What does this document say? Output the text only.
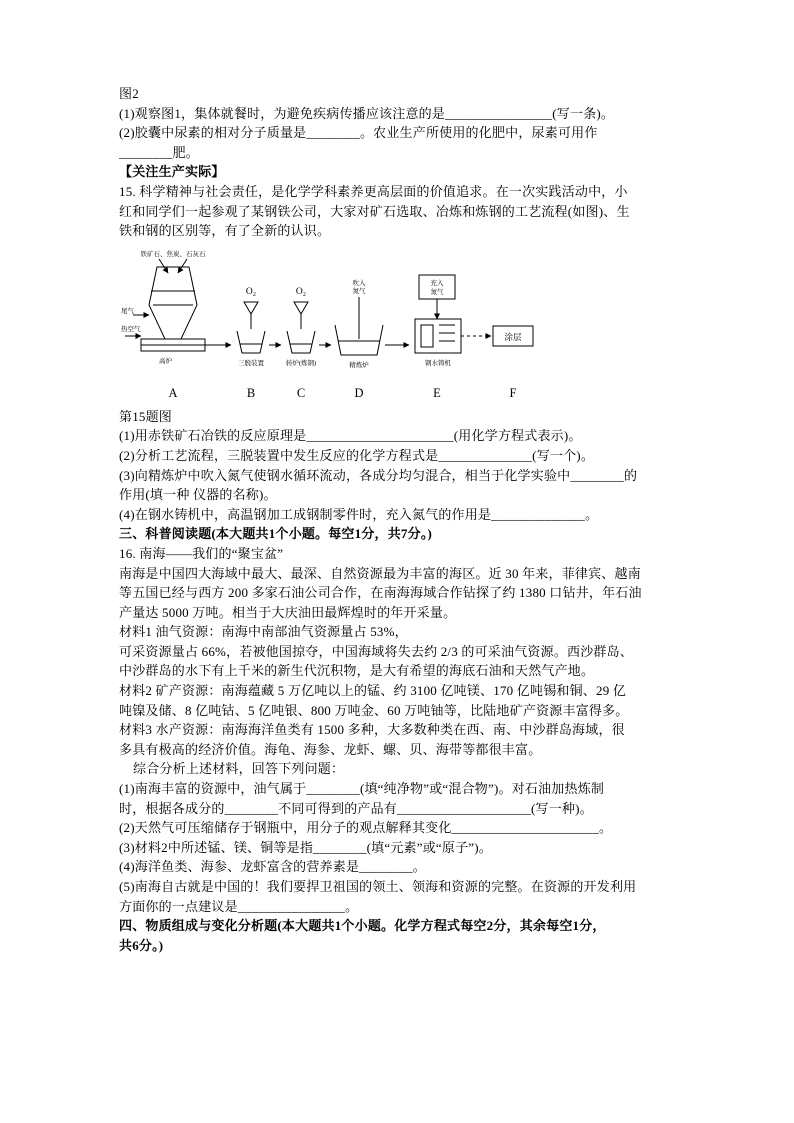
图2
(1)观察图1，集体就餐时，为避免疾病传播应该注意的是________________(写一条)。
(2)胶囊中尿素的相对分子质量是________。农业生产所使用的化肥中，尿素可用作
________肥。
【关注生产实际】
15. 科学精神与社会责任，是化学学科素养更高层面的价值追求。在一次实践活动中，小
红和同学们一起参观了某钢铁公司，大家对矿石选取、冶炼和炼钢的工艺流程(如图)、生
铁和钢的区别等，有了全新的认识。
铁矿石、焦炭、石灰石
尾气
热空气
高炉
O₂
三脱装置
O₂
转炉(炼钢)
吹入
氮气
精炼炉
充入
氮气
钢水铸机
涂层
A	B	C	D	E	F
第15题图
(1)用赤铁矿石冶铁的反应原理是______________________(用化学方程式表示)。
(2)分析工艺流程，三脱装置中发生反应的化学方程式是______________(写一个)。
(3)向精炼炉中吹入氮气使钢水循环流动，各成分均匀混合，相当于化学实验中________的
作用(填一种 仪器的名称)。
(4)在钢水铸机中，高温钢加工成钢制零件时，充入氮气的作用是______________。
三、科普阅读题(本大题共1个小题。每空1分，共7分。)
16. 南海——我们的“聚宝盆”
南海是中国四大海域中最大、最深、自然资源最为丰富的海区。近 30 年来，菲律宾、越南
等五国已经与西方 200 多家石油公司合作，在南海海域合作钻探了约 1380 口钻井，年石油
产量达 5000 万吨。相当于大庆油田最辉煌时的年开采量。
材料1 油气资源：南海中南部油气资源量占 53%，
可采资源量占 66%，若被他国掠夺，中国海域将失去约 2/3 的可采油气资源。西沙群岛、
中沙群岛的水下有上千米的新生代沉积物，是大有希望的海底石油和天然气产地。
材料2 矿产资源：南海蕴藏 5 万亿吨以上的锰、约 3100 亿吨镁、170 亿吨锡和铜、29 亿
吨镍及储、8 亿吨钴、5 亿吨银、800 万吨金、60 万吨铀等，比陆地矿产资源丰富得多。
材料3 水产资源：南海海洋鱼类有 1500 多种，大多数种类在西、南、中沙群岛海域，很
多具有极高的经济价值。海龟、海参、龙虾、螺、贝、海带等都很丰富。
综合分析上述材料，回答下列问题：
(1)南海丰富的资源中，油气属于________(填“纯净物”或“混合物”)。对石油加热炼制
时，根据各成分的________不同可得到的产品有____________________(写一种)。
(2)天然气可压缩储存于钢瓶中，用分子的观点解释其变化______________________。
(3)材料2中所述锰、镁、铜等是指________(填“元素”或“原子”)。
(4)海洋鱼类、海参、龙虾富含的营养素是________。
(5)南海自古就是中国的！我们要捍卫祖国的领土、领海和资源的完整。在资源的开发利用
方面你的一点建议是________________。
四、物质组成与变化分析题(本大题共1个小题。化学方程式每空2分，其余每空1分，
共6分。)
